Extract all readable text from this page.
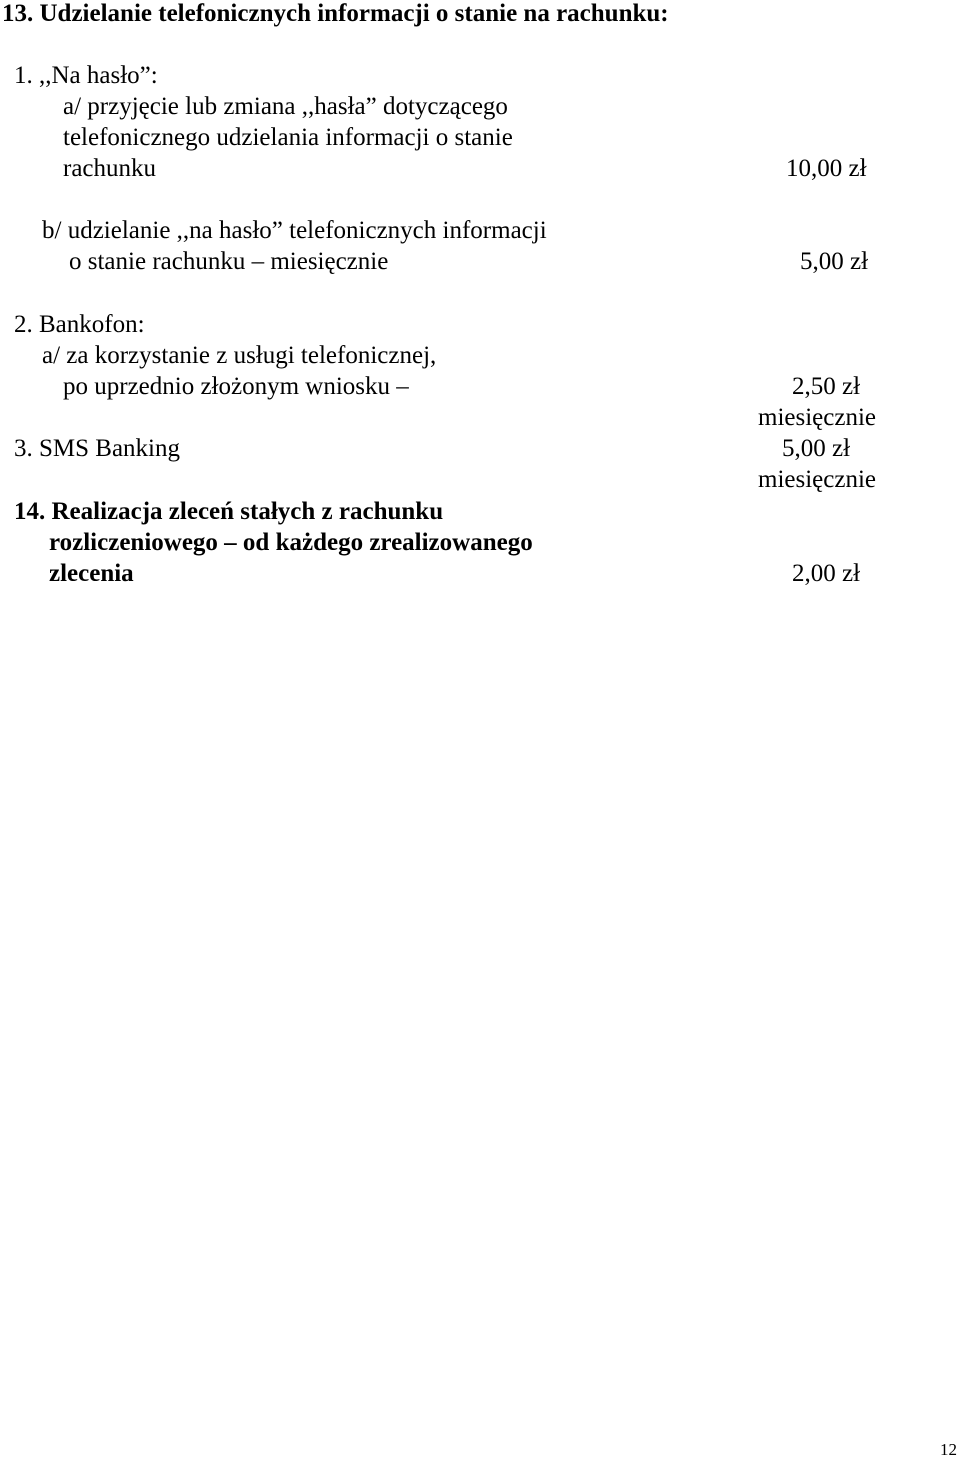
13. Udzielanie telefonicznych informacji o stanie na rachunku:
1. ,,Na hasło”:
a/ przyjęcie lub zmiana ,,hasła” dotyczącego
telefonicznego udzielania informacji o stanie
rachunku	10,00 zł
b/ udzielanie ,,na hasło” telefonicznych informacji
o stanie rachunku – miesięcznie	5,00 zł
2. Bankofon:
a/ za korzystanie z usługi telefonicznej,
po uprzednio złożonym wniosku –	2,50 zł
miesięcznie
3. SMS Banking	5,00 zł
miesięcznie
14. Realizacja zleceń stałych z rachunku
rozliczeniowego – od każdego zrealizowanego
zlecenia	2,00 zł
12
